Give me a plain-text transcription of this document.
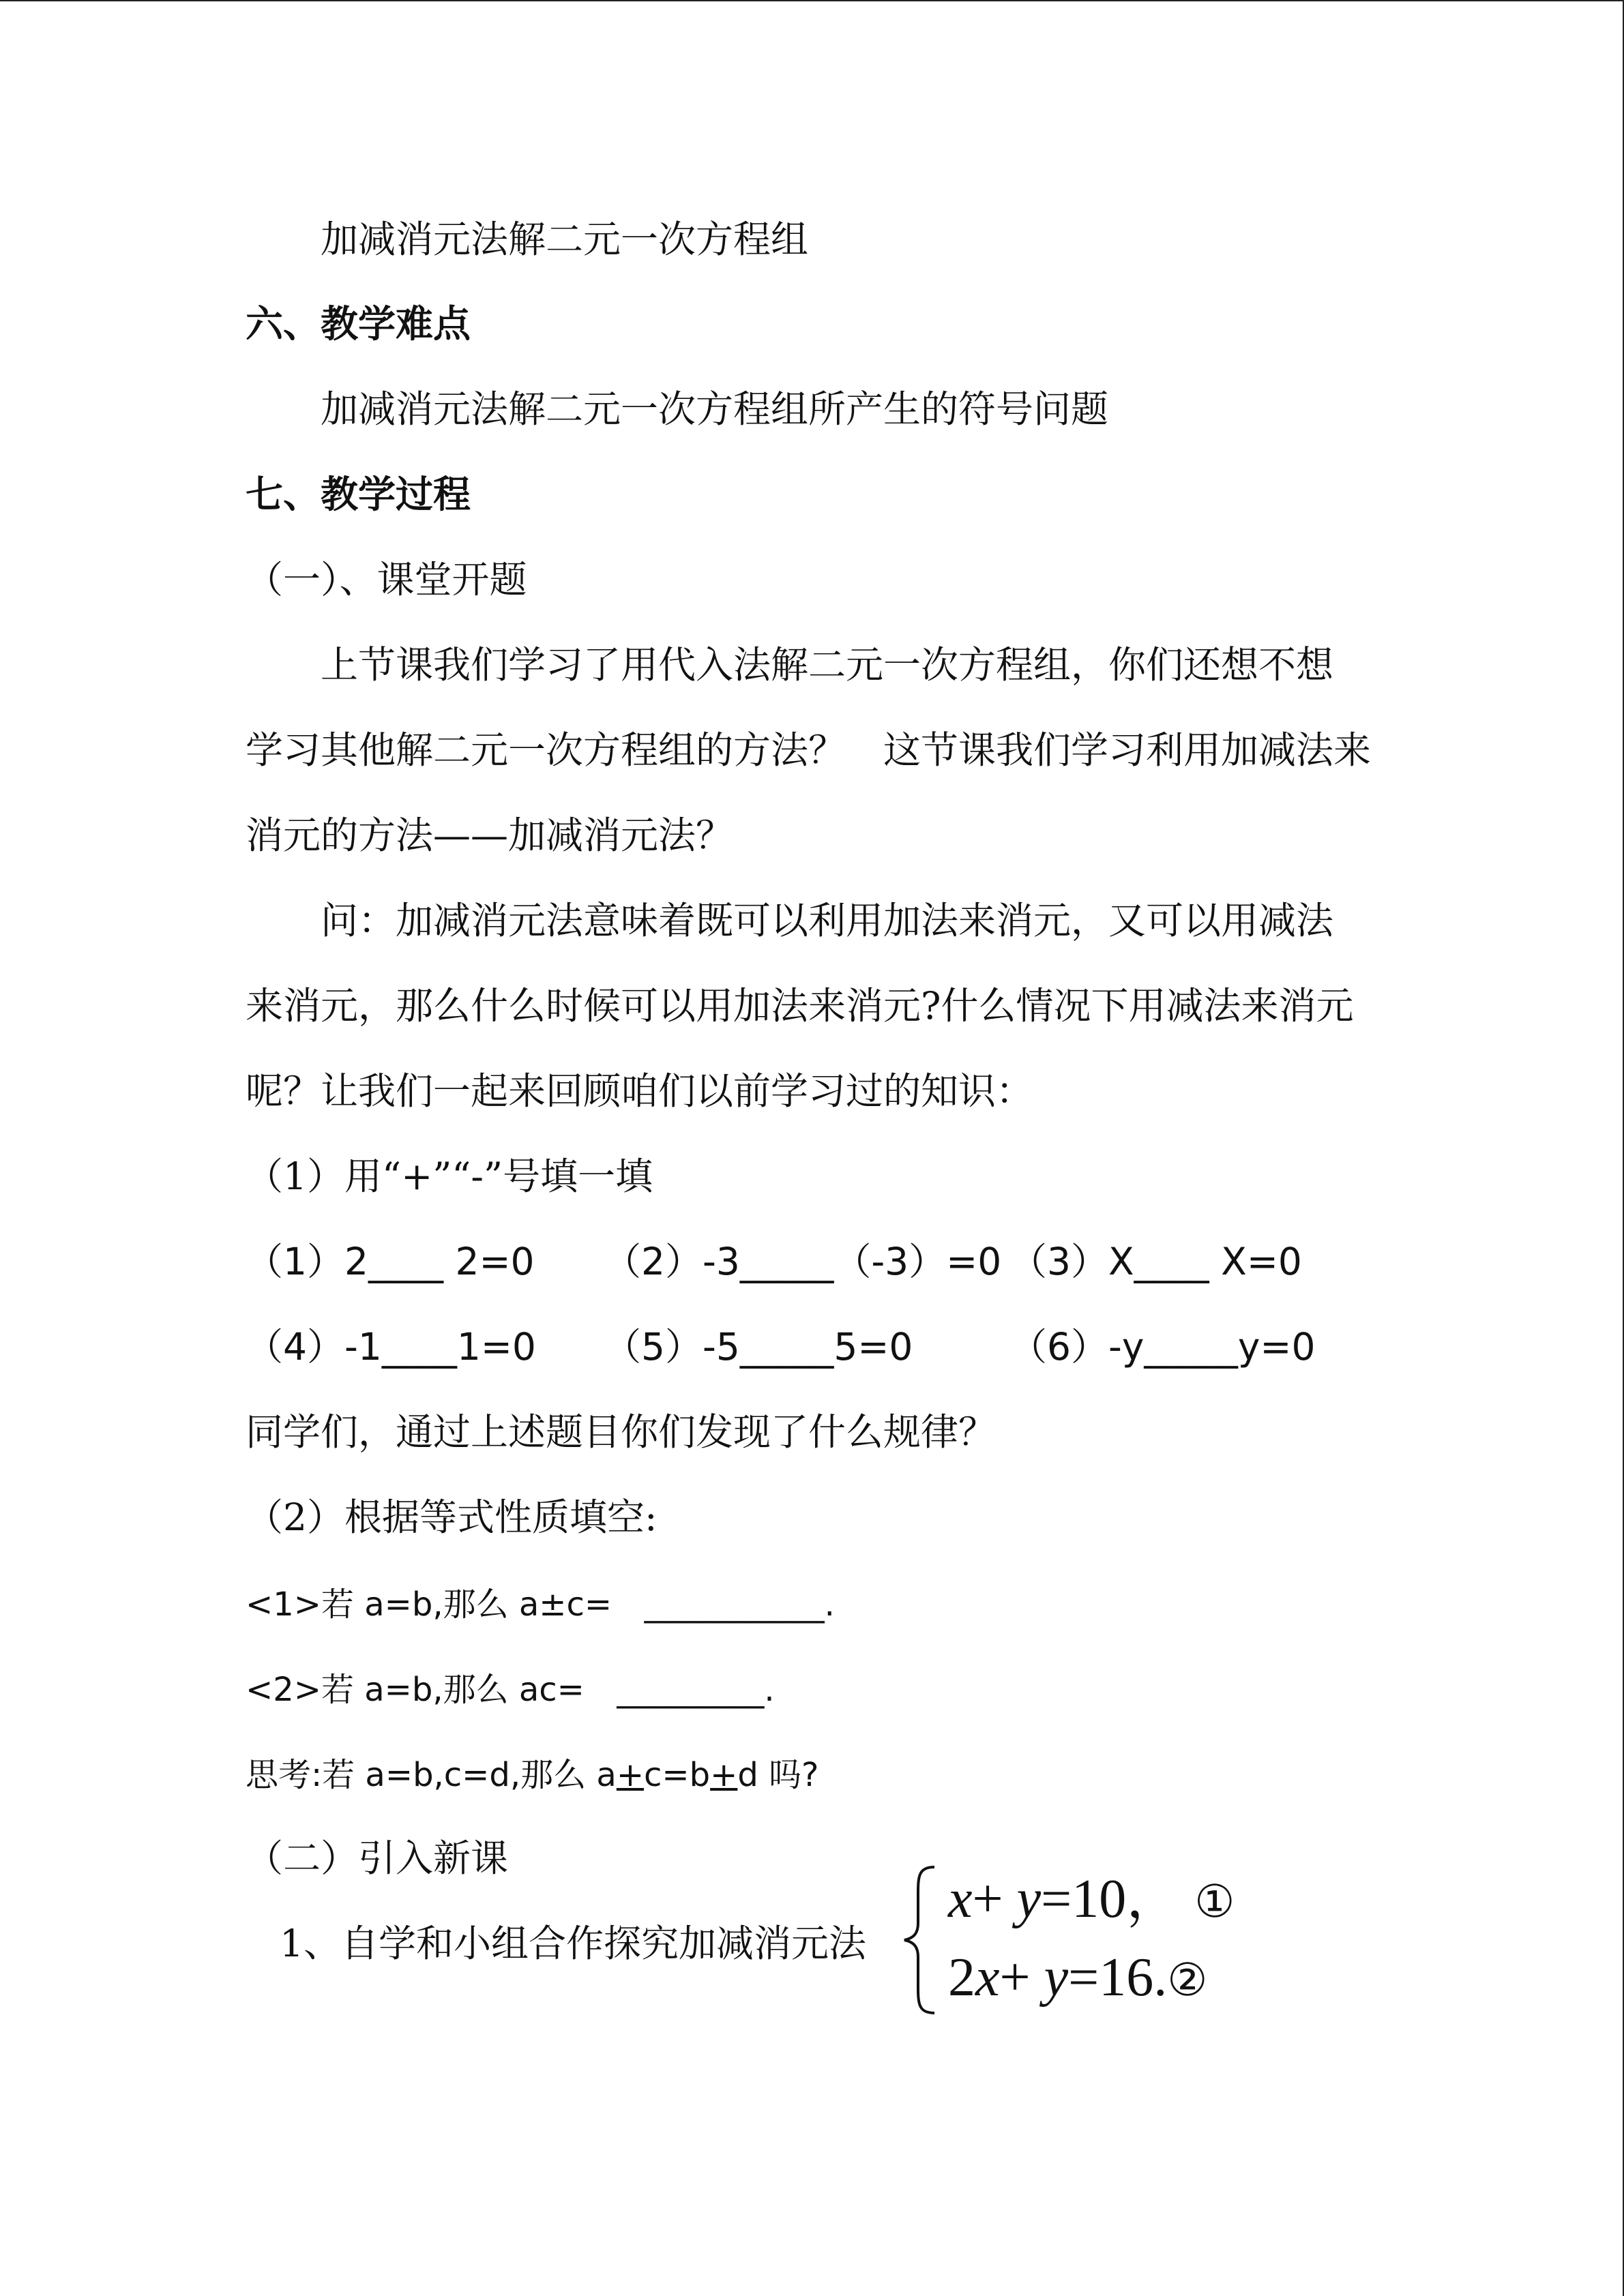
加减消元法解二元一次方程组
六、教学难点
加减消元法解二元一次方程组所产生的符号问题
七、教学过程
（一）、课堂开题
上节课我们学习了用代入法解二元一次方程组，你们还想不想
学习其他解二元一次方程组的方法？　这节课我们学习利用加减法来
消元的方法——加减消元法？
问：加减消元法意味着既可以利用加法来消元，又可以用减法
来消元，那么什么时候可以用加法来消元?什么情况下用减法来消元
呢？让我们一起来回顾咱们以前学习过的知识：
（1）用“+”“-”号填一填
（1）2____ 2=0 （2）-3_____（-3）=0 （3）X____ X=0
（4）-1____1=0 （5）-5_____5=0	（6）-y_____y=0
同学们，通过上述题目你们发现了什么规律？
（2）根据等式性质填空:
<1>若 a=b,那么 a±c= ___________.
<2>若 a=b,那么 ac= _________.
思考:若 a=b,c=d,那么 a+c=b+d 吗?
（二）引入新课
1、自学和小组合作探究加减消元法
x+ y=10， ①
2x+ y=16.②
